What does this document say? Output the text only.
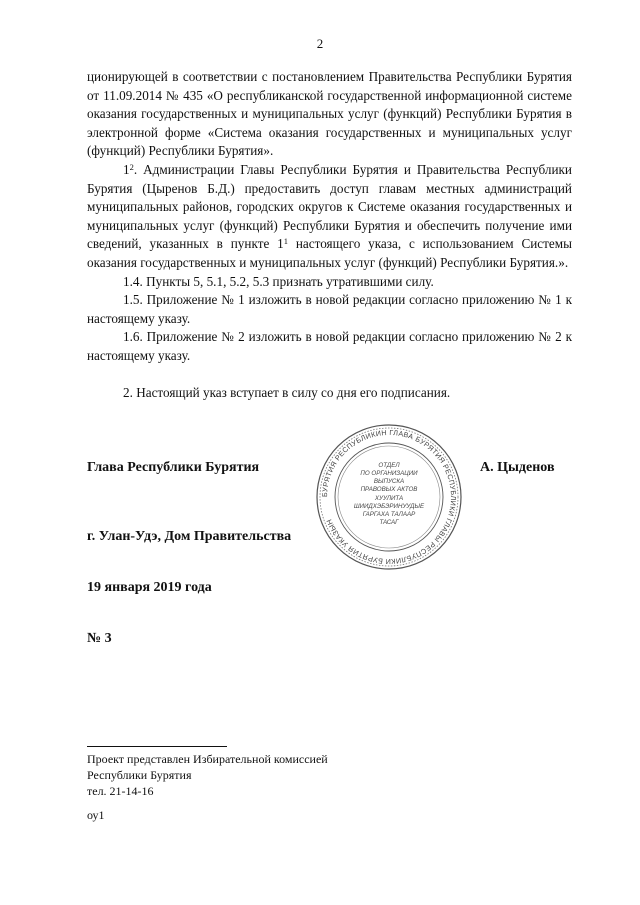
2

ционирующей в соответствии с постановлением Правительства Республики Бурятия от 11.09.2014 № 435 «О республиканской государственной информационной системе оказания государственных и муниципальных услуг (функций) Республики Бурятия в электронной форме «Система оказания государственных и муниципальных услуг (функций) Республики Бурятия».

$1^2$. Администрации Главы Республики Бурятия и Правительства Республики Бурятия (Цыренов Б.Д.) предоставить доступ главам местных администраций муниципальных районов, городских округов к Системе оказания государственных и муниципальных услуг (функций) Республики Бурятия и обеспечить получение ими сведений, указанных в пункте $1^1$ настоящего указа, с использованием Системы оказания государственных и муниципальных услуг (функций) Республики Бурятия.».

1.4. Пункты 5, 5.1, 5.2, 5.3 признать утратившими силу.

1.5. Приложение № 1 изложить в новой редакции согласно приложению № 1 к настоящему указу.

1.6. Приложение № 2 изложить в новой редакции согласно приложению № 2 к настоящему указу.

2. Настоящий указ вступает в силу со дня его подписания.

Глава Республики Бурятия	А. Цыденов
БУРЯТИЯ РЕСПУБЛИКИН ГЛАВА БУРЯТИЯ РЕСПУБЛИКИ ГЛАВЫ РЕСПУБЛИКИ БУРЯТИЯ УКАЗЫН
ОТДЕЛ
ПО ОРГАНИЗАЦИИ
ВЫПУСКА
ПРАВОВЫХ АКТОВ
ХУУЛИТА
ШИИДХЭБЭРИНУУДЫЕ
ГАРГАХА ТАЛААР
ТАСАГ
г. Улан-Удэ, Дом Правительства
19 января 2019 года
№ 3
Проект представлен Избирательной комиссией
Республики Бурятия
тел. 21-14-16
оу1
